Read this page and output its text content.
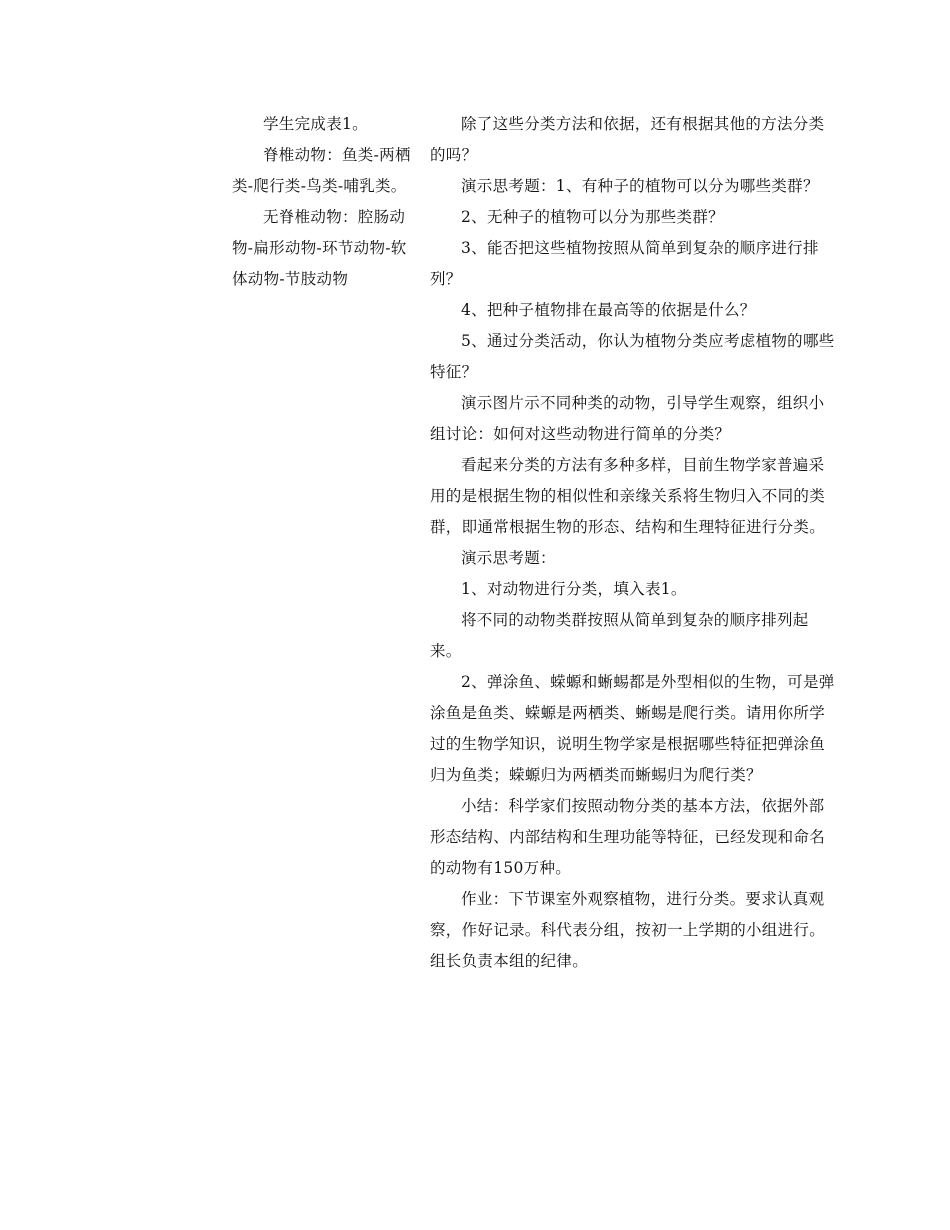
学生完成表1。

脊椎动物：鱼类-两栖类-爬行类-鸟类-哺乳类。

无脊椎动物：腔肠动物-扁形动物-环节动物-软体动物-节肢动物

除了这些分类方法和依据，还有根据其他的方法分类的吗？

演示思考题：1、有种子的植物可以分为哪些类群？

2、无种子的植物可以分为那些类群？

3、能否把这些植物按照从简单到复杂的顺序进行排列？

4、把种子植物排在最高等的依据是什么？

5、通过分类活动，你认为植物分类应考虑植物的哪些特征？

演示图片示不同种类的动物，引导学生观察，组织小组讨论：如何对这些动物进行简单的分类？

看起来分类的方法有多种多样，目前生物学家普遍采用的是根据生物的相似性和亲缘关系将生物归入不同的类群，即通常根据生物的形态、结构和生理特征进行分类。

演示思考题：

1、对动物进行分类，填入表1。

将不同的动物类群按照从简单到复杂的顺序排列起来。

2、弹涂鱼、蝾螈和蜥蜴都是外型相似的生物，可是弹涂鱼是鱼类、蝾螈是两栖类、蜥蜴是爬行类。请用你所学过的生物学知识，说明生物学家是根据哪些特征把弹涂鱼归为鱼类；蝾螈归为两栖类而蜥蜴归为爬行类？

小结：科学家们按照动物分类的基本方法，依据外部形态结构、内部结构和生理功能等特征，已经发现和命名的动物有150万种。

作业：下节课室外观察植物，进行分类。要求认真观察，作好记录。科代表分组，按初一上学期的小组进行。组长负责本组的纪律。
